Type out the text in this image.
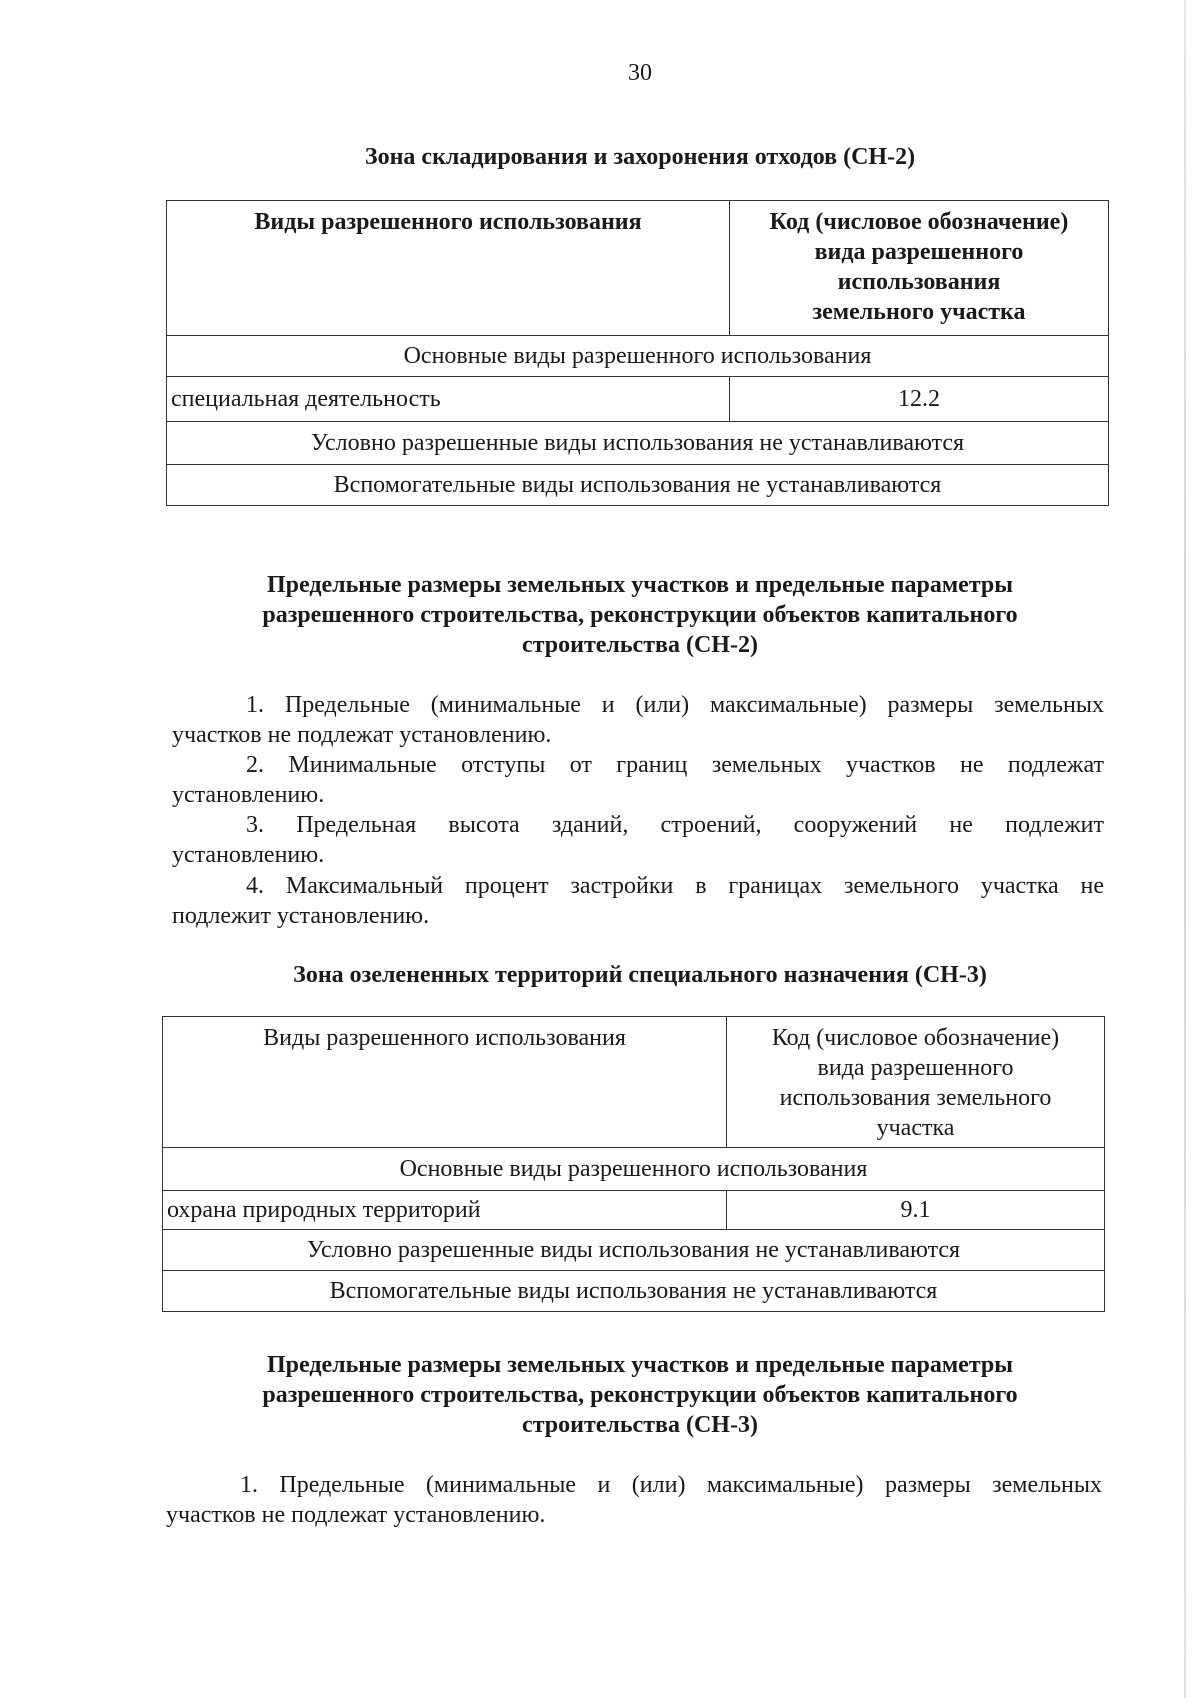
30
Зона складирования и захоронения отходов (СН-2)
Виды разрешенного использования	Код (числовое обозначение)
вида разрешенного
использования
земельного участка

Основные виды разрешенного использования	
специальная деятельность	12.2
Условно разрешенные виды использования не устанавливаются	
Вспомогательные виды использования не устанавливаются	
Предельные размеры земельных участков и предельные параметры
разрешенного строительства, реконструкции объектов капитального
строительства (СН-2)
1. Предельные (минимальные и (или) максимальные) размеры земельных
участков не подлежат установлению.
2. Минимальные отступы от границ земельных участков не подлежат
установлению.
3. Предельная высота зданий, строений, сооружений не подлежит
установлению.
4. Максимальный процент застройки в границах земельного участка не
подлежит установлению.
Зона озелененных территорий специального назначения (СН-3)
Виды разрешенного использования	Код (числовое обозначение)
вида разрешенного
использования земельного
участка

Основные виды разрешенного использования	
охрана природных территорий	9.1
Условно разрешенные виды использования не устанавливаются	
Вспомогательные виды использования не устанавливаются	
Предельные размеры земельных участков и предельные параметры
разрешенного строительства, реконструкции объектов капитального
строительства (СН-3)
1. Предельные (минимальные и (или) максимальные) размеры земельных
участков не подлежат установлению.
